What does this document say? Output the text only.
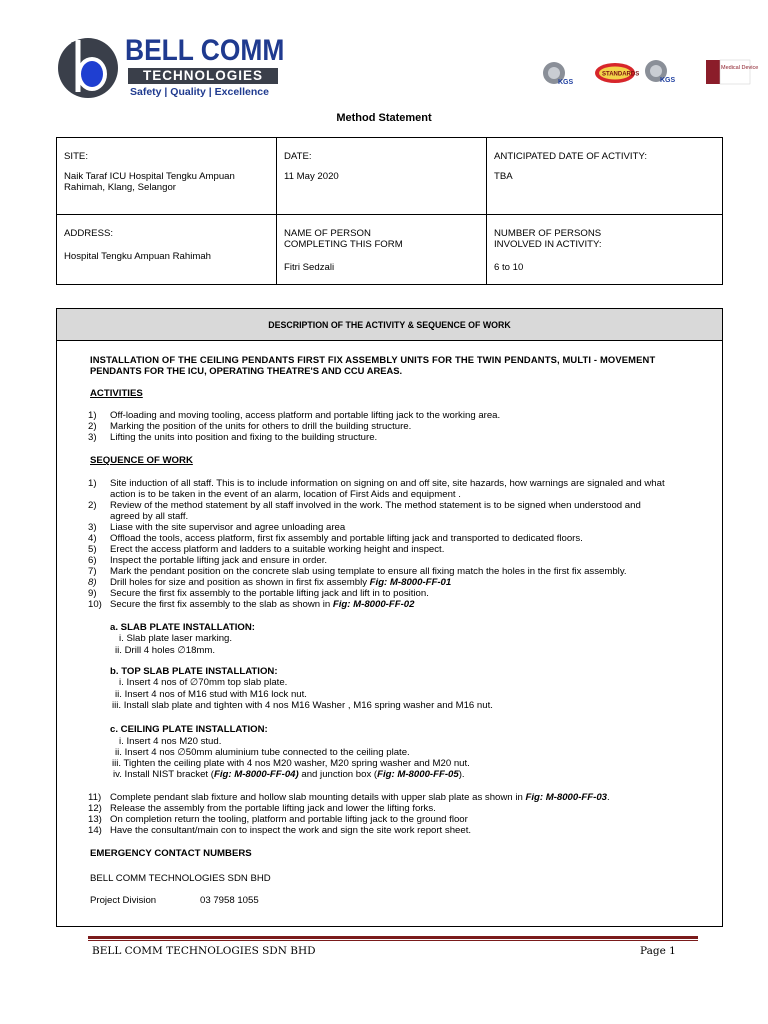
BELL COMM
TECHNOLOGIES
Safety | Quality | Excellence
KGS
STANDARDS
KGS
Medical Device
Method Statement
SITE:
Naik Taraf ICU Hospital Tengku Ampuan
Rahimah, Klang, Selangor
DATE:
11 May 2020
ANTICIPATED DATE OF ACTIVITY:
TBA
ADDRESS:
Hospital Tengku Ampuan Rahimah
NAME OF PERSON
COMPLETING THIS FORM
Fitri Sedzali
NUMBER OF PERSONS
INVOLVED IN ACTIVITY:
6 to 10
DESCRIPTION OF THE ACTIVITY & SEQUENCE OF WORK
INSTALLATION OF THE CEILING PENDANTS FIRST FIX ASSEMBLY UNITS FOR THE TWIN PENDANTS, MULTI - MOVEMENT
PENDANTS FOR THE ICU, OPERATING THEATRE'S AND CCU AREAS.
ACTIVITIES
1) Off-loading and moving tooling, access platform and portable lifting jack to the working area.
2) Marking the position of the units for others to drill the building structure.
3) Lifting the units into position and fixing to the building structure.
SEQUENCE OF WORK
1) Site induction of all staff. This is to include information on signing on and off site, site hazards, how warnings are signaled and what
action is to be taken in the event of an alarm, location of First Aids and equipment .
2) Review of the method statement by all staff involved in the work. The method statement is to be signed when understood and
agreed by all staff.
3) Liase with the site supervisor and agree unloading area
4) Offload the tools, access platform, first fix assembly and portable lifting jack and transported to dedicated floors.
5) Erect the access platform and ladders to a suitable working height and inspect.
6) Inspect the portable lifting jack and ensure in order.
7) Mark the pendant position on the concrete slab using template to ensure all fixing match the holes in the first fix assembly.
8) Drill holes for size and position as shown in first fix assembly Fig: M-8000-FF-01
9) Secure the first fix assembly to the portable lifting jack and lift in to position.
10) Secure the first fix assembly to the slab as shown in Fig: M-8000-FF-02
a. SLAB PLATE INSTALLATION:
i. Slab plate laser marking.
ii. Drill 4 holes ∅18mm.
b. TOP SLAB PLATE INSTALLATION:
i. Insert 4 nos of ∅70mm top slab plate.
ii. Insert 4 nos of M16 stud with M16 lock nut.
iii. Install slab plate and tighten with 4 nos M16 Washer , M16 spring washer and M16 nut.
c. CEILING PLATE INSTALLATION:
i. Insert 4 nos M20 stud.
ii. Insert 4 nos ∅50mm aluminium tube connected to the ceiling plate.
iii. Tighten the ceiling plate with 4 nos M20 washer, M20 spring washer and M20 nut.
iv. Install NIST bracket (Fig: M-8000-FF-04) and junction box (Fig: M-8000-FF-05).
11) Complete pendant slab fixture and hollow slab mounting details with upper slab plate as shown in Fig: M-8000-FF-03.
12) Release the assembly from the portable lifting jack and lower the lifting forks.
13) On completion return the tooling, platform and portable lifting jack to the ground floor
14) Have the consultant/main con to inspect the work and sign the site work report sheet.
EMERGENCY CONTACT NUMBERS
BELL COMM TECHNOLOGIES SDN BHD
Project Division	03 7958 1055
BELL COMM TECHNOLOGIES SDN BHD	Page 1
